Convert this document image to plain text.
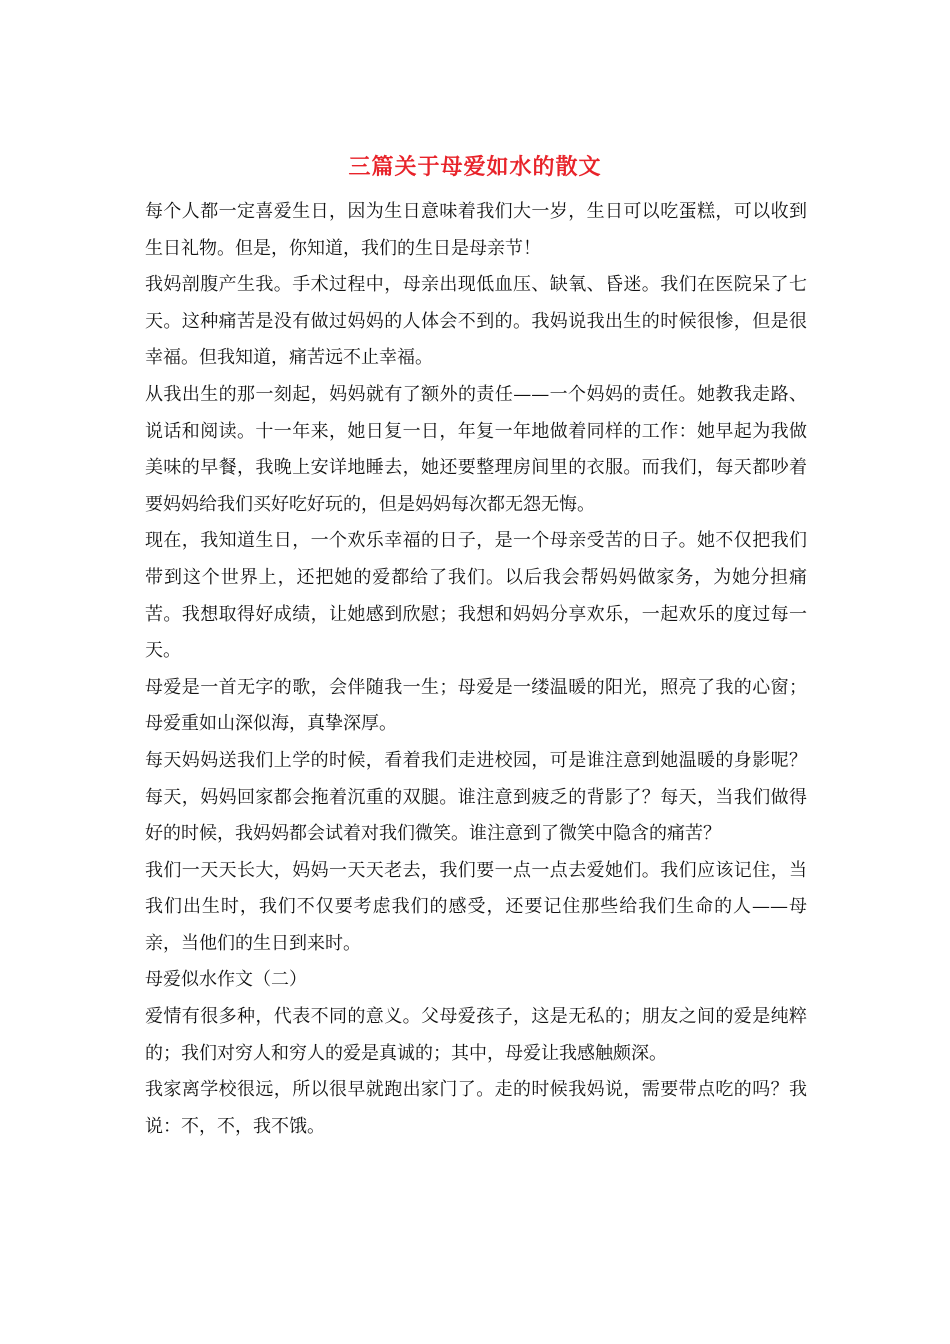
三篇关于母爱如水的散文

每个人都一定喜爱生日，因为生日意味着我们大一岁，生日可以吃蛋糕，可以收到生日礼物。但是，你知道，我们的生日是母亲节！

我妈剖腹产生我。手术过程中，母亲出现低血压、缺氧、昏迷。我们在医院呆了七天。这种痛苦是没有做过妈妈的人体会不到的。我妈说我出生的时候很惨，但是很幸福。但我知道，痛苦远不止幸福。

从我出生的那一刻起，妈妈就有了额外的责任——一个妈妈的责任。她教我走路、说话和阅读。十一年来，她日复一日，年复一年地做着同样的工作：她早起为我做美味的早餐，我晚上安详地睡去，她还要整理房间里的衣服。而我们，每天都吵着要妈妈给我们买好吃好玩的，但是妈妈每次都无怨无悔。

现在，我知道生日，一个欢乐幸福的日子，是一个母亲受苦的日子。她不仅把我们带到这个世界上，还把她的爱都给了我们。以后我会帮妈妈做家务，为她分担痛苦。我想取得好成绩，让她感到欣慰；我想和妈妈分享欢乐，一起欢乐的度过每一天。

母爱是一首无字的歌，会伴随我一生；母爱是一缕温暖的阳光，照亮了我的心窗；母爱重如山深似海，真挚深厚。

每天妈妈送我们上学的时候，看着我们走进校园，可是谁注意到她温暖的身影呢？每天，妈妈回家都会拖着沉重的双腿。谁注意到疲乏的背影了？每天，当我们做得好的时候，我妈妈都会试着对我们微笑。谁注意到了微笑中隐含的痛苦？

我们一天天长大，妈妈一天天老去，我们要一点一点去爱她们。我们应该记住，当我们出生时，我们不仅要考虑我们的感受，还要记住那些给我们生命的人——母亲，当他们的生日到来时。

母爱似水作文（二）

爱情有很多种，代表不同的意义。父母爱孩子，这是无私的；朋友之间的爱是纯粹的；我们对穷人和穷人的爱是真诚的；其中，母爱让我感触颇深。

我家离学校很远，所以很早就跑出家门了。走的时候我妈说，需要带点吃的吗？我说：不，不，我不饿。
